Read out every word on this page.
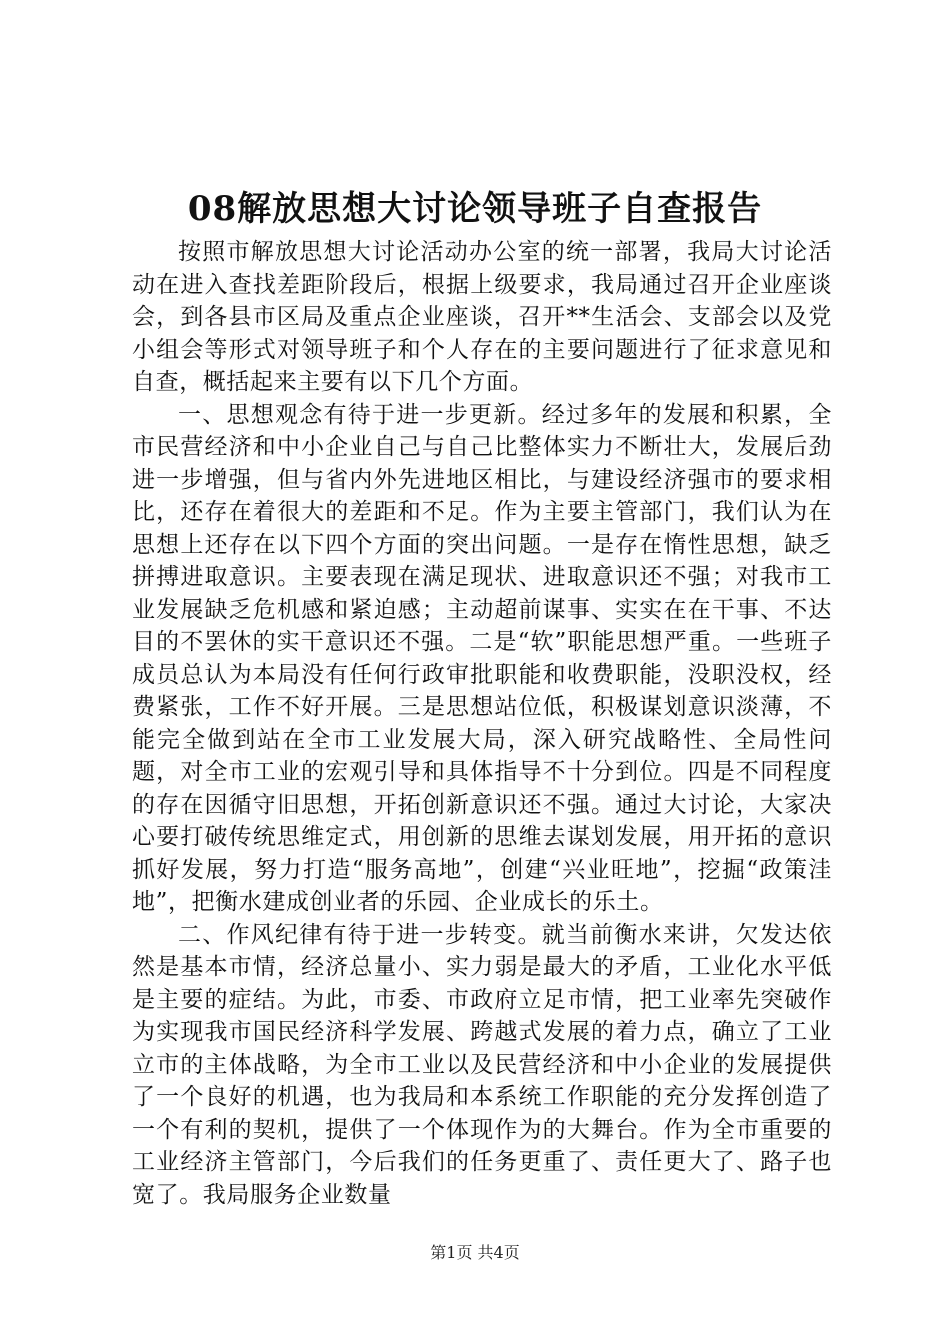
08解放思想大讨论领导班子自查报告

按照市解放思想大讨论活动办公室的统一部署，我局大讨论活动在进入查找差距阶段后，根据上级要求，我局通过召开企业座谈会，到各县市区局及重点企业座谈，召开**生活会、支部会以及党小组会等形式对领导班子和个人存在的主要问题进行了征求意见和自查，概括起来主要有以下几个方面。

一、思想观念有待于进一步更新。经过多年的发展和积累，全市民营经济和中小企业自己与自己比整体实力不断壮大，发展后劲进一步增强，但与省内外先进地区相比，与建设经济强市的要求相比，还存在着很大的差距和不足。作为主要主管部门，我们认为在思想上还存在以下四个方面的突出问题。一是存在惰性思想，缺乏拼搏进取意识。主要表现在满足现状、进取意识还不强；对我市工业发展缺乏危机感和紧迫感；主动超前谋事、实实在在干事、不达目的不罢休的实干意识还不强。二是“软”职能思想严重。一些班子成员总认为本局没有任何行政审批职能和收费职能，没职没权，经费紧张，工作不好开展。三是思想站位低，积极谋划意识淡薄，不能完全做到站在全市工业发展大局，深入研究战略性、全局性问题，对全市工业的宏观引导和具体指导不十分到位。四是不同程度的存在因循守旧思想，开拓创新意识还不强。通过大讨论，大家决心要打破传统思维定式，用创新的思维去谋划发展，用开拓的意识抓好发展，努力打造“服务高地”，创建“兴业旺地”，挖掘“政策洼地”，把衡水建成创业者的乐园、企业成长的乐土。

二、作风纪律有待于进一步转变。就当前衡水来讲，欠发达依然是基本市情，经济总量小、实力弱是最大的矛盾，工业化水平低是主要的症结。为此，市委、市政府立足市情，把工业率先突破作为实现我市国民经济科学发展、跨越式发展的着力点，确立了工业立市的主体战略，为全市工业以及民营经济和中小企业的发展提供了一个良好的机遇，也为我局和本系统工作职能的充分发挥创造了一个有利的契机，提供了一个体现作为的大舞台。作为全市重要的工业经济主管部门，今后我们的任务更重了、责任更大了、路子也宽了。我局服务企业数量

第1页 共4页
